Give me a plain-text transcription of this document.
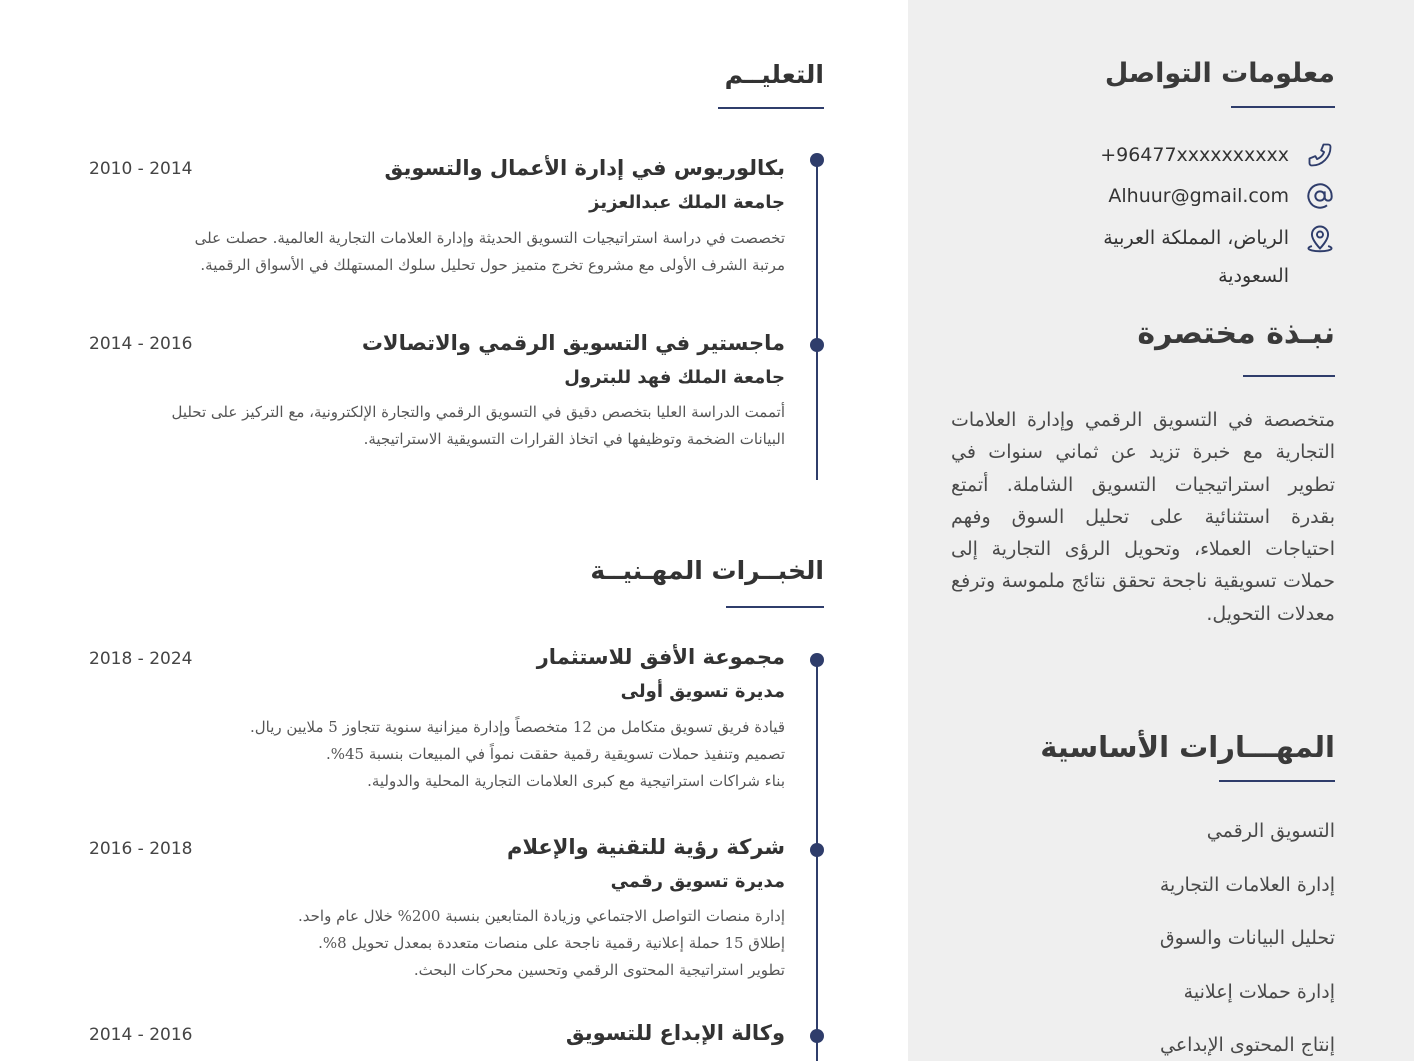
معلومات التواصل
+96477xxxxxxxxxx
Alhuur@gmail.com
الرياض، المملكة العربية
السعودية
نبـذة مختصرة
متخصصة في التسويق الرقمي وإدارة العلامات التجارية مع خبرة تزيد عن ثماني سنوات في تطوير استراتيجيات التسويق الشاملة. أتمتع بقدرة استثنائية على تحليل السوق وفهم احتياجات العملاء، وتحويل الرؤى التجارية إلى حملات تسويقية ناجحة تحقق نتائج ملموسة وترفع معدلات التحويل.
المهـــارات الأساسية
التسويق الرقمي
إدارة العلامات التجارية
تحليل البيانات والسوق
إدارة حملات إعلانية
إنتاج المحتوى الإبداعي
التعليــم
بكالوريوس في إدارة الأعمال والتسويق
2010 - 2014
جامعة الملك عبدالعزيز
تخصصت في دراسة استراتيجيات التسويق الحديثة وإدارة العلامات التجارية العالمية. حصلت على
مرتبة الشرف الأولى مع مشروع تخرج متميز حول تحليل سلوك المستهلك في الأسواق الرقمية.
ماجستير في التسويق الرقمي والاتصالات
2014 - 2016
جامعة الملك فهد للبترول
أتممت الدراسة العليا بتخصص دقيق في التسويق الرقمي والتجارة الإلكترونية، مع التركيز على تحليل
البيانات الضخمة وتوظيفها في اتخاذ القرارات التسويقية الاستراتيجية.
الخبــرات المهـنيــة
مجموعة الأفق للاستثمار
2018 - 2024
مديرة تسويق أولى
قيادة فريق تسويق متكامل من 12 متخصصاً وإدارة ميزانية سنوية تتجاوز 5 ملايين ريال.
تصميم وتنفيذ حملات تسويقية رقمية حققت نمواً في المبيعات بنسبة 45%.
بناء شراكات استراتيجية مع كبرى العلامات التجارية المحلية والدولية.
شركة رؤية للتقنية والإعلام
2016 - 2018
مديرة تسويق رقمي
إدارة منصات التواصل الاجتماعي وزيادة المتابعين بنسبة 200% خلال عام واحد.
إطلاق 15 حملة إعلانية رقمية ناجحة على منصات متعددة بمعدل تحويل 8%.
تطوير استراتيجية المحتوى الرقمي وتحسين محركات البحث.
وكالة الإبداع للتسويق
2014 - 2016
